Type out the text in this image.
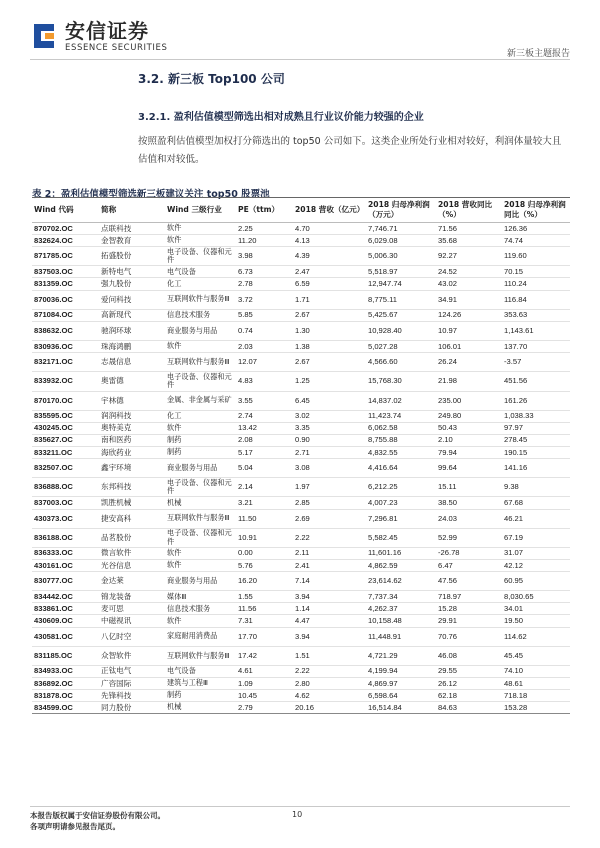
安信证券
ESSENCE SECURITIES
新三板主题报告
3.2. 新三板 Top100 公司
3.2.1. 盈利估值模型筛选出相对成熟且行业议价能力较强的企业
按照盈利估值模型加权打分筛选出的 top50 公司如下。这类企业所处行业相对较好，利润体量较大且估值和对较低。
表 2：盈利估值模型筛选新三板建议关注 top50 股票池
Wind 代码	简称	Wind 三级行业	PE（ttm）	2018 营收（亿元）	2018 归母净利润（万元）	2018 营收同比（%）	2018 归母净利润同比（%）
870702.OC	点联科技	软件	2.25	4.70	7,746.71	71.56	126.36
832624.OC	金智教育	软件	11.20	4.13	6,029.08	35.68	74.74
871785.OC	拓盛股份	电子设备、仪器和元件	3.98	4.39	5,006.30	92.27	119.60
837503.OC	新特电气	电气设备	6.73	2.47	5,518.97	24.52	70.15
831359.OC	强九股份	化工	2.78	6.59	12,947.74	43.02	110.24
870036.OC	爱问科技	互联网软件与服务Ⅲ	3.72	1.71	8,775.11	34.91	116.84
871084.OC	高新现代	信息技术服务	5.85	2.67	5,425.67	124.26	353.63
838632.OC	驰润环球	商业服务与用品	0.74	1.30	10,928.40	10.97	1,143.61
830936.OC	珠海鸿鹏	软件	2.03	1.38	5,027.28	106.01	137.70
832171.OC	志晟信息	互联网软件与服务Ⅲ	12.07	2.67	4,566.60	26.24	-3.57
833932.OC	奥雷德	电子设备、仪器和元件	4.83	1.25	15,768.30	21.98	451.56
870170.OC	宇林德	金属、非金属与采矿	3.55	6.45	14,837.02	235.00	161.26
835595.OC	润润科技	化工	2.74	3.02	11,423.74	249.80	1,038.33
430245.OC	奥特美克	软件	13.42	3.35	6,062.58	50.43	97.97
835627.OC	南和医药	制药	2.08	0.90	8,755.88	2.10	278.45
833211.OC	海欣药业	制药	5.17	2.71	4,832.55	79.94	190.15
832507.OC	鑫宇环境	商业服务与用品	5.04	3.08	4,416.64	99.64	141.16
836888.OC	东邦科技	电子设备、仪器和元件	2.14	1.97	6,212.25	15.11	9.38
837003.OC	凯胜机械	机械	3.21	2.85	4,007.23	38.50	67.68
430373.OC	捷安高科	互联网软件与服务Ⅲ	11.50	2.69	7,296.81	24.03	46.21
836188.OC	品茗股份	电子设备、仪器和元件	10.91	2.22	5,582.45	52.99	67.19
836333.OC	微言软件	软件	0.00	2.11	11,601.16	-26.78	31.07
430161.OC	光谷信息	软件	5.76	2.41	4,862.59	6.47	42.12
830777.OC	金达莱	商业服务与用品	16.20	7.14	23,614.62	47.56	60.95
834442.OC	锦龙装备	媒体Ⅲ	1.55	3.94	7,737.34	718.97	8,030.65
833861.OC	麦可思	信息技术服务	11.56	1.14	4,262.37	15.28	34.01
430609.OC	中磁视讯	软件	7.31	4.47	10,158.48	29.91	19.50
430581.OC	八亿时空	家庭耐用消费品	17.70	3.94	11,448.91	70.76	114.62
831185.OC	众智软件	互联网软件与服务Ⅲ	17.42	1.51	4,721.29	46.08	45.45
834933.OC	正钛电气	电气设备	4.61	2.22	4,199.94	29.55	74.10
836892.OC	广咨国际	建筑与工程Ⅲ	1.09	2.80	4,869.97	26.12	48.61
831878.OC	先锋科技	制药	10.45	4.62	6,598.64	62.18	718.18
834599.OC	同力股份	机械	2.79	20.16	16,514.84	84.63	153.28
本报告版权属于安信证券股份有限公司。
各项声明请参见报告尾页。
10
